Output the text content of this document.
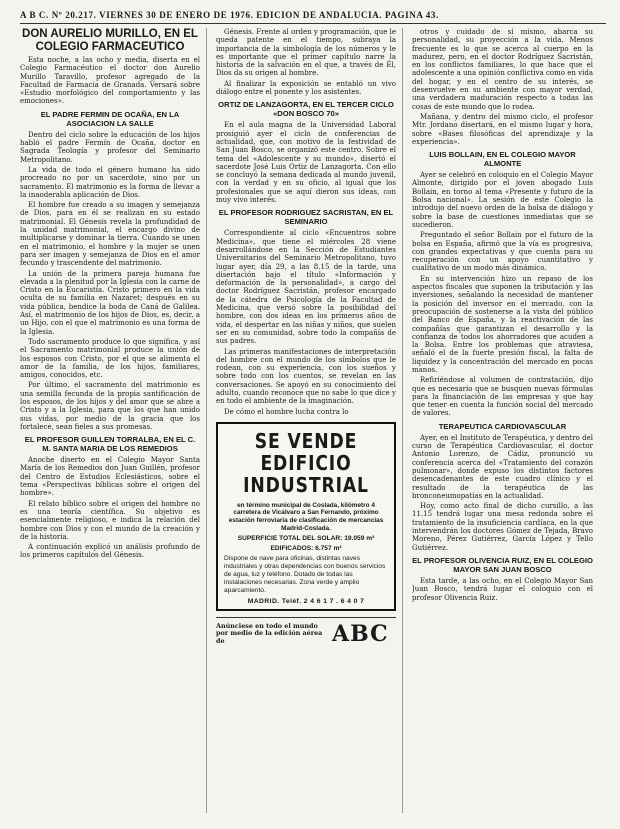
A B C. Nº 20.217. VIERNES 30 DE ENERO DE 1976. EDICION DE ANDALUCIA. PAGINA 43.
DON AURELIO MURILLO, EN EL COLEGIO FARMACEUTICO

Esta noche, a las ocho y media, diserta en el Colegio Farmacéutico el doctor don Aurelio Murillo Taravillo, profesor agregado de la Facultad de Farmacia de Granada. Versará sobre «Estudio morfológico del comportamiento y las emociones».

EL PADRE FERMIN DE OCAÑA, EN LA ASOCIACION LA SALLE

Dentro del ciclo sobre la educación de los hijos habló el padre Fermín de Ocaña, doctor en Sagrada Teología y profesor del Seminario Metropolitano.

La vida de todo el género humano ha sido procreado no por un sacerdote, sino por un sacramento. El matrimonio es la forma de llevar a la inaoderabla aplicación de Dios.

El hombre fue creado a su imagen y semejanza de Dios, para en él se realizan en su estado matrimonial. El Génesis revela la profundidad de la unidad matrimonial, el encargo divino de multiplicarse y dominar la tierra. Cuando se unen en el matrimonio, el hombre y la mujer se unen para ser imagen y semejanza de Dios en el amor fecundo y trascendente del matrimonio.

La unión de la primera pareja humana fue elevada a la plenitud por la Iglesia con la carne de Cristo en la Eucaristía. Cristo primero en la vida oculta de su familia en Nazaret; después en su vida pública, bendice la boda de Caná de Galilea. Así, el matrimonio de los hijos de Dios, es, decir, a un Hijo, con el que el matrimonio es una forma de la Iglesia.

Todo sacramento produce lo que significa, y así el Sacramento matrimonial produce la unión de los esposos con Cristo, por el que se alimenta el amor de la familia, de los hijos, familiares, amigos, conocidos, etc.

Por último, el sacramento del matrimonio es una semilla fecunda de la propia santificación de los esposos, de los hijos y del amor que se abre a Cristo y a la Iglesia, para que los que han unido sus vidas, por medio de la gracia que los fortalece, sean fieles a sus promesas.

EL PROFESOR GUILLEN TORRALBA, EN EL C. M. SANTA MARIA DE LOS REMEDIOS

Anoche diserto en el Colegio Mayor Santa María de los Remedios don Juan Guillén, profesor del Centro de Estudios Eclesiásticos, sobre el tema «Perspectivas bíblicas sobre el origen del hombre».

El relato bíblico sobre el origen del hombre no es una teoría científica. Su objetivo es esencialmente religioso, e indica la relación del hombre con Dios y con el mundo de la creación y de la historia.

A continuación explicó un análisis profundo de los primeros capítulos del Génesis.

Génesis. Frente al orden y programación, que le queda patente en el tiempo, subraya la importancia de la simbología de los números y le es importante que el primer capítulo narre la historia de la salvación en el que, a través de Él, Dios da su origen al hombre.

Al finalizar la exposición se entabló un vivo diálogo entre el ponente y los asistentes.

ORTIZ DE LANZAGORTA, EN EL TERCER CICLO «DON BOSCO 70»

En el aula magna de la Universidad Laboral prosiguió ayer el ciclo de conferencias de actualidad, que, con motivo de la festividad de San Juan Bosco, se organizó este centro. Sobre el tema del «Adolescente y su mundo», disertó el sacerdote José Luis Ortiz de Lanzagorta. Con ello se concluyó la semana dedicada al mundo juvenil, con la verdad y en su oficio, al igual que los profesionales que se aquí dieron sus ideas, con muy vivo interés.

EL PROFESOR RODRIGUEZ SACRISTAN, EN EL SEMINARIO

Correspondiente al ciclo «Encuentros sobre Medicina», que tiene el miércoles 28 viene desarrollándose en la Sección de Estudiantes Universitarios del Seminario Metropolitano, tuvo lugar ayer, día 29, a las 8.15 de la tarde, una disertación bajo el título «Información y deformación de la personalidad», a cargo del doctor Rodríguez Sacristán, profesor encargado de la cátedra de Psicología de la Facultad de Medicina, que versó sobre la posibilidad del hombre, con dos ideas en los primeros años de vida, el despertar en las niñas y niños, que suelen ser en su comunidad, sobre todo la compañía de sus padres.

Las primeras manifestaciones de interpretación del hombre con el mundo de los símbolos que le rodean, con su experiencia, con los sueños y sobre todo con los cuentos, se revelan en las conversaciones. Se apoyó en su conocimiento del adulto, cuando reconoce que no sabe lo que dice y en todo el ambiente de la imaginación.

De cómo el hombre lucha contra lo

SE VENDE EDIFICIO
INDUSTRIAL
en término municipal de Coslada, kilómetro 4 carretera de Vicálvaro a San Fernando, próximo estación ferroviaria de clasificación de mercancías Madrid-Coslada.
SUPERFICIE TOTAL DEL SOLAR: 19.059 m²
EDIFICADOS: 6.757 m²
Dispone de nave para oficinas, distintas naves industriales y otras dependencias con buenos servicios de agua, luz y teléfono. Dotado de todas las instalaciones necesarias. Zona verde y amplio aparcamiento.
MADRID. Teléf. 2 4 6 1 7 . 6 4 0 7
Anúnciese en todo el mundo por medio de la edición aérea de	ABC

otros y cuidado de sí mismo, abarca su personalidad, su proyección a la vida. Menos frecuente es lo que se acerca al cuerpo en la madurez, pero, en el doctor Rodríguez Sacristán, en los conflictos familiares, lo que hace que el adolescente a una opinión conflictiva como en vida del hogar, y en el centro de su interés, se desenvuelve en su ambiente con mayor verdad, una verdadera maduración respecto a todas las cosas de este mundo que lo rodea.

Mañana, y dentro del mismo ciclo, el profesor Mtr. Jordano disertará, en el mismo lugar y hora, sobre «Bases filosóficas del aprendizaje y la experiencia».

LUIS BOLLAIN, EN EL COLEGIO MAYOR ALMONTE

Ayer se celebró en coloquio en el Colegio Mayor Almonte, dirigido por el joven abogado Luis Bollain, en torno al tema «Presente y futuro de la Bolsa nacional». La sesión de este Colegio la introdujo del nuevo orden de la bolsa de diálogo y sobre la base de cuestiones inmediatas que se sucedieron.

Preguntado el señor Bollain por el futuro de la bolsa en España, afirmó que la vía es progresiva, con grandes expectativas y que cuenta para su recuperación con un apoyo cuantitativo y cualitativo de un modo más dinámico.

En su intervención hizo un repaso de los aspectos fiscales que suponen la tributación y las inversiones, señalando la necesidad de mantener la posición del inversor en el mercado, con la preocupación de sostenerse a la vista del público del Banco de España, y la reactivación de las compañías que garantizan el desarrollo y la confianza de todos los ahorradores que acuden a la Bolsa. Entre los problemas que atraviesa, señaló el de la fuerte presión fiscal, la falta de liquidez y la concentración del mercado en pocas manos.

Refiriéndose al volumen de contratación, dijo que es necesario que se busquen nuevas fórmulas para la financiación de las empresas y que hay que tener en cuenta la función social del mercado de valores.

TERAPEUTICA CARDIOVASCULAR

Ayer, en el Instituto de Terapéutica, y dentro del curso de Terapéutica Cardiovascular, el doctor Antonio Lorenzo, de Cádiz, pronunció su conferencia acerca del «Tratamiento del corazón pulmonar», donde expuso los distintos factores desencadenantes de este cuadro clínico y el resultado de la terapéutica de las bronconeumopatías en la actualidad.

Hoy, como acto final de dicho cursillo, a las 11.15 tendrá lugar una mesa redonda sobre el tratamiento de la insuficiencia cardíaca, en la que intervendrán los doctores Gómez de Tejada, Bravo Moreno, Pérez Gutiérrez, García López y Tello Gutiérrez.

EL PROFESOR OLIVENCIA RUIZ, EN EL COLEGIO MAYOR SAN JUAN BOSCO

Esta tarde, a las ocho, en el Colegio Mayor San Juan Bosco, tendrá lugar el coloquio con el profesor Olivencia Ruiz.
